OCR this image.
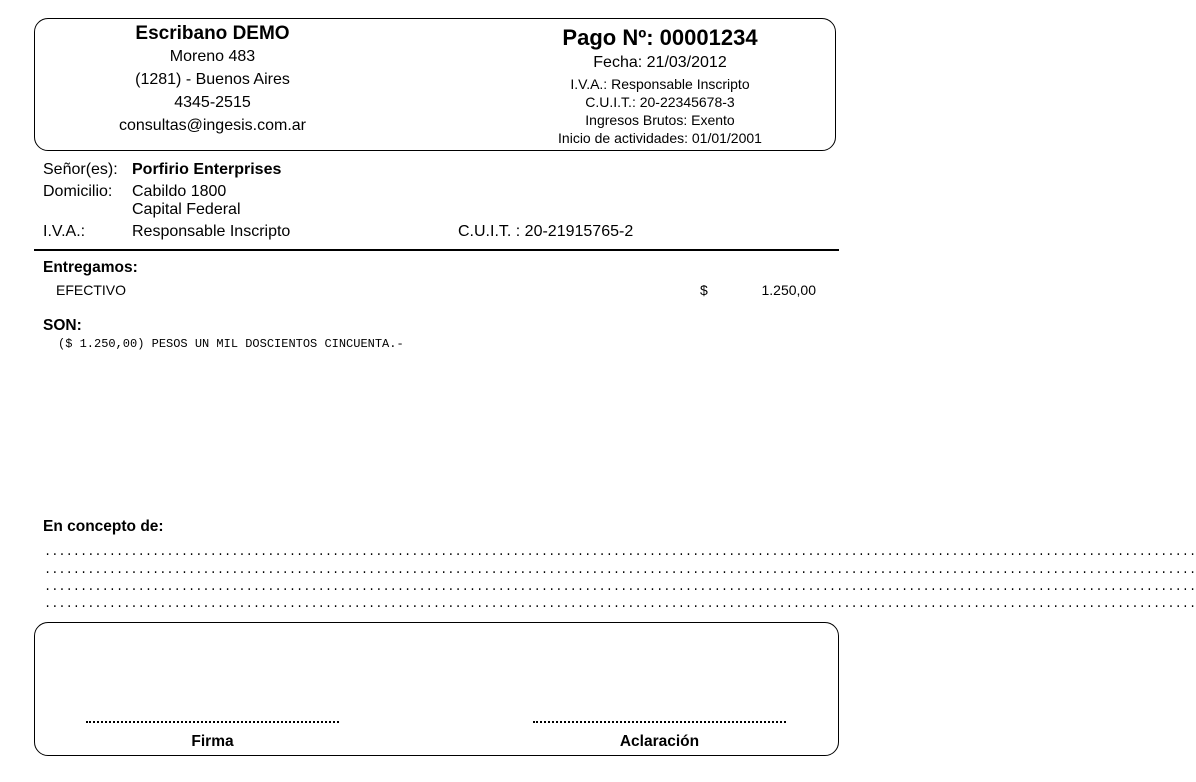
Escribano DEMO
Moreno 483
(1281) - Buenos Aires
4345-2515
consultas@ingesis.com.ar
Pago Nº: 00001234
Fecha: 21/03/2012
I.V.A.: Responsable Inscripto
C.U.I.T.: 20-22345678-3
Ingresos Brutos: Exento
Inicio de actividades: 01/01/2001
Señor(es): Porfirio Enterprises
Domicilio: Cabildo 1800
Capital Federal
I.V.A.:	Responsable Inscripto	C.U.I.T. : 20-21915765-2
Entregamos:
EFECTIVO	$	1.250,00
SON:
($ 1.250,00) PESOS UN MIL DOSCIENTOS CINCUENTA.-
En concepto de:
................................................................................................................................................................
................................................................................................................................................................
................................................................................................................................................................
................................................................................................................................................................
Firma	Aclaración
